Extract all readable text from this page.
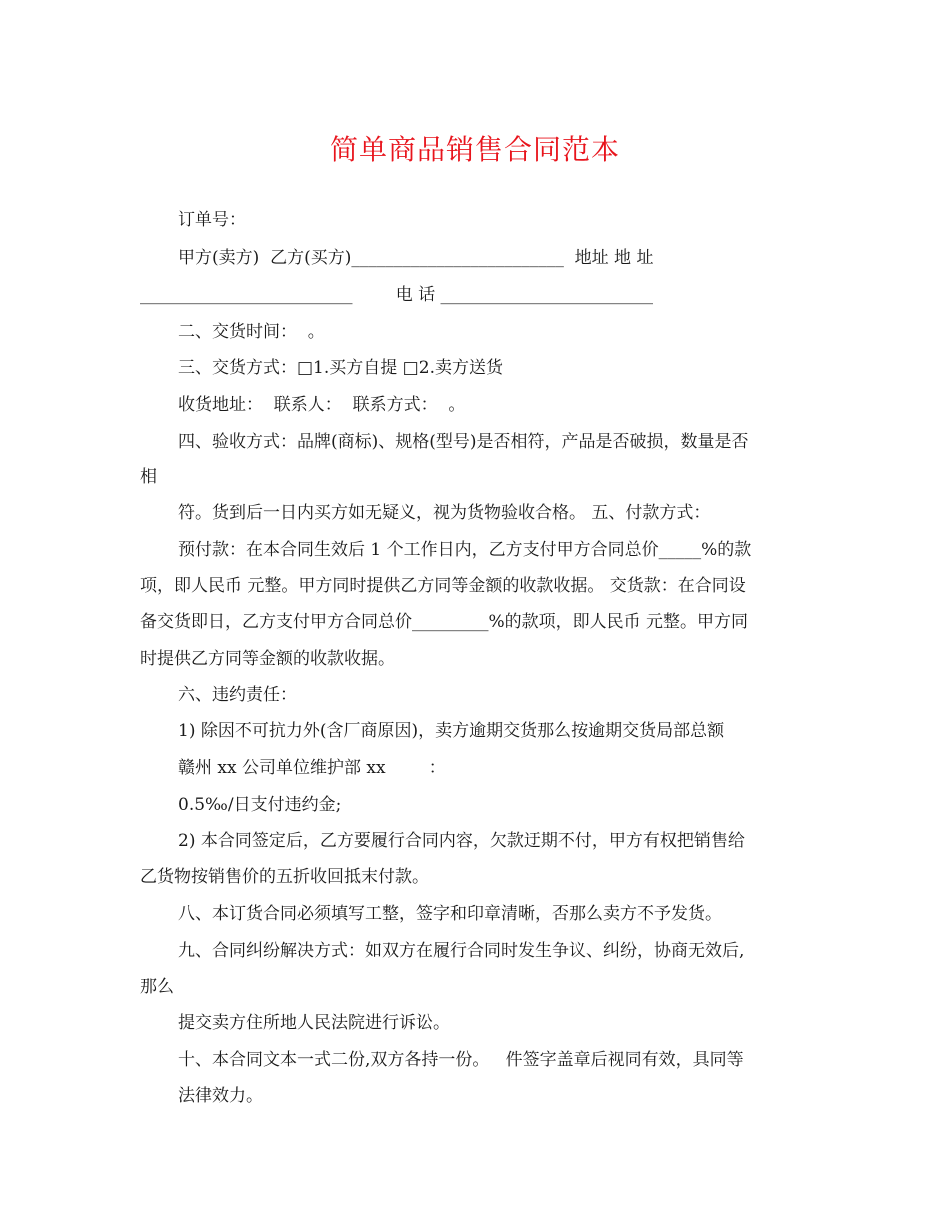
简单商品销售合同范本
订单号：
甲方(卖方)  乙方(买方)_________________________  地址 地 址
_________________________        电 话 _________________________
二、交货时间：  。
三、交货方式：□1.买方自提 □2.卖方送货
收货地址：  联系人：  联系方式：  。
四、验收方式：品牌(商标)、规格(型号)是否相符，产品是否破损，数量是否
相
符。货到后一日内买方如无疑义，视为货物验收合格。 五、付款方式：
预付款：在本合同生效后 1 个工作日内，乙方支付甲方合同总价_____%的款
项，即人民币 元整。甲方同时提供乙方同等金额的收款收据。 交货款：在合同设
备交货即日，乙方支付甲方合同总价_________%的款项，即人民币 元整。甲方同
时提供乙方同等金额的收款收据。
六、违约责任：
1) 除因不可抗力外(含厂商原因)，卖方逾期交货那么按逾期交货局部总额
赣州 xx 公司单位维护部 xx        ：
0.5‰/日支付违约金;
2) 本合同签定后，乙方要履行合同内容，欠款迂期不付，甲方有权把销售给
乙货物按销售价的五折收回抵末付款。
八、本订货合同必须填写工整，签字和印章清晰，否那么卖方不予发货。
九、合同纠纷解决方式：如双方在履行合同时发生争议、纠纷，协商无效后,
那么
提交卖方住所地人民法院进行诉讼。
十、本合同文本一式二份,双方各持一份。   件签字盖章后视同有效，具同等
法律效力。
